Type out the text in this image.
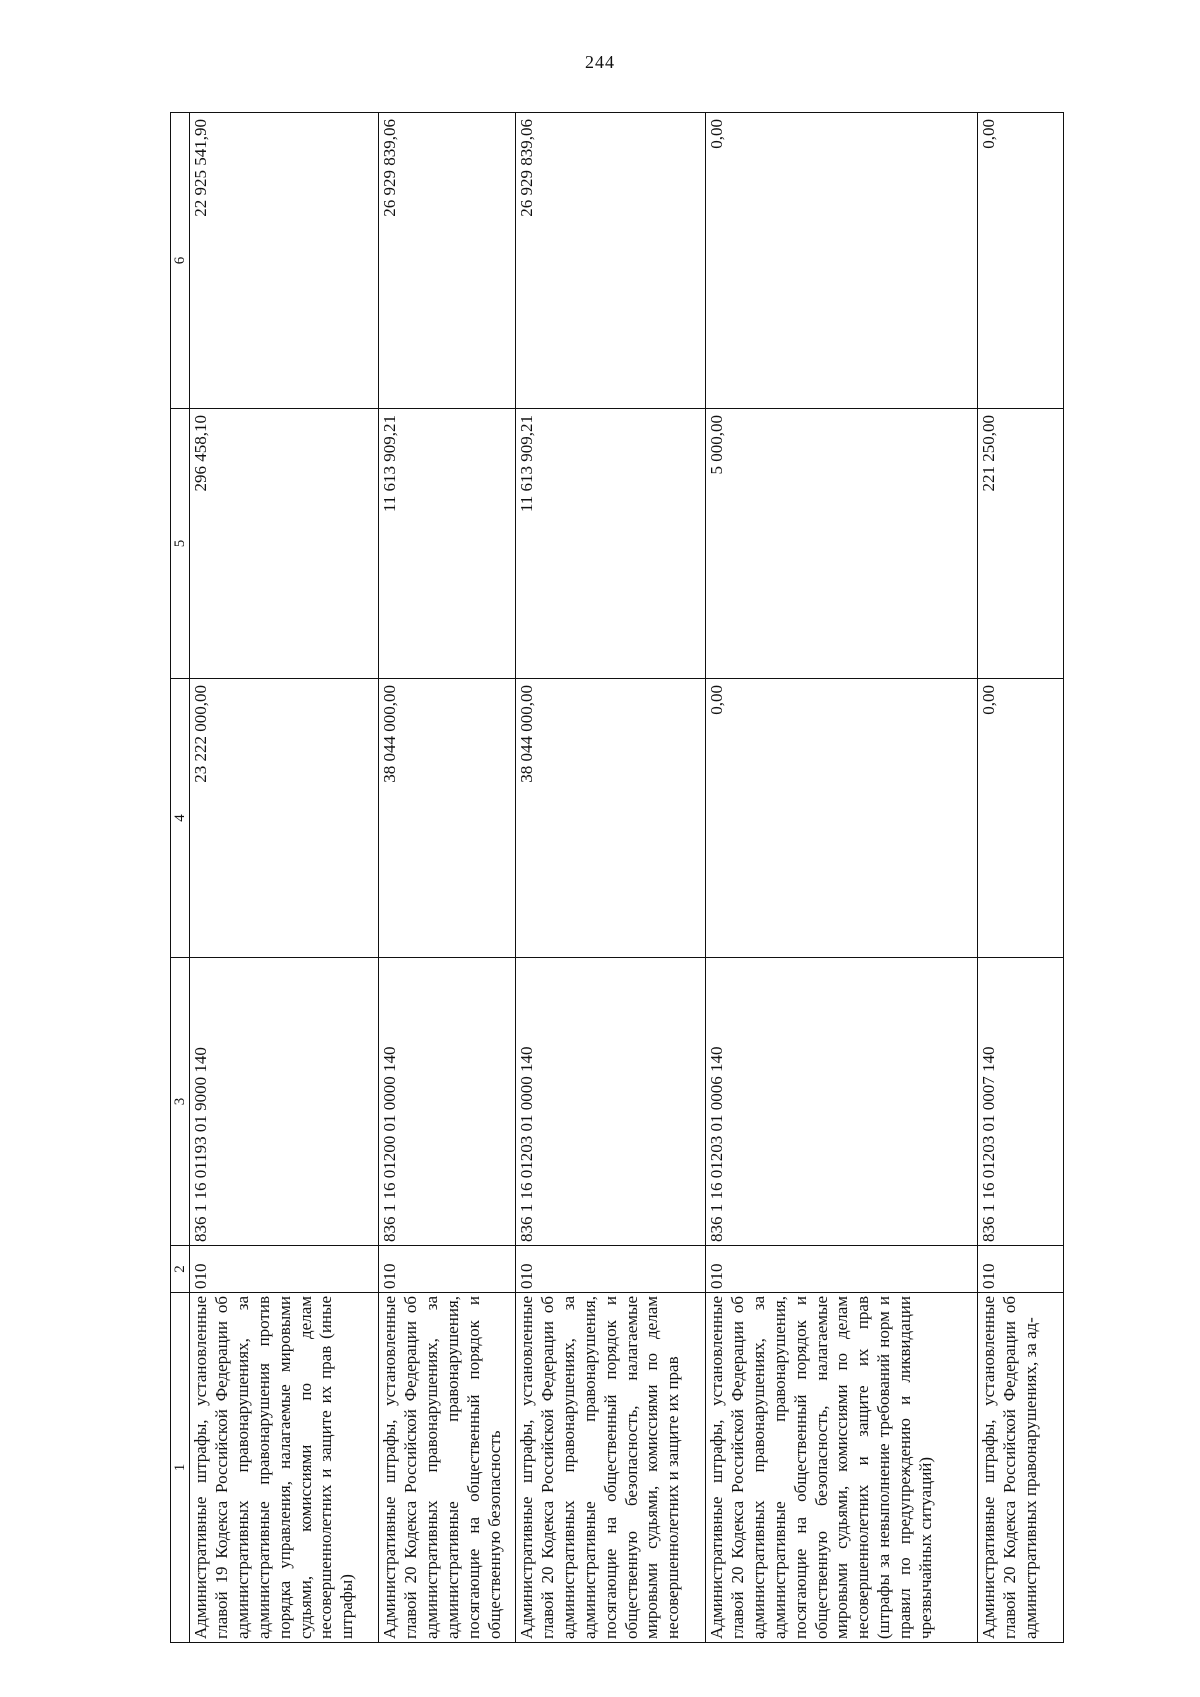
244
1	2	3	4	5	6
Административные штрафы, установленные главой 19 Кодекса Российской Федерации об административных правонарушениях, за административные правонарушения против порядка управления, налагаемые мировыми судьями, комиссиями по делам несовершеннолетних и защите их прав (иные штрафы)	010	836 1 16 01193 01 9000 140	23 222 000,00	296 458,10	22 925 541,90
Административные штрафы, установленные главой 20 Кодекса Российской Федерации об административных правонарушениях, за административные правонарушения, посягающие на общественный порядок и общественную безопасность	010	836 1 16 01200 01 0000 140	38 044 000,00	11 613 909,21	26 929 839,06
Административные штрафы, установленные главой 20 Кодекса Российской Федерации об административных правонарушениях, за административные правонарушения, посягающие на общественный порядок и общественную безопасность, налагаемые мировыми судьями, комиссиями по делам несовершеннолетних и защите их прав	010	836 1 16 01203 01 0000 140	38 044 000,00	11 613 909,21	26 929 839,06
Административные штрафы, установленные главой 20 Кодекса Российской Федерации об административных правонарушениях, за административные правонарушения, посягающие на общественный порядок и общественную безопасность, налагаемые мировыми судьями, комиссиями по делам несовершеннолетних и защите их прав (штрафы за невыполнение требований норм и правил по предупреждению и ликвидации чрезвычайных ситуаций)	010	836 1 16 01203 01 0006 140	0,00	5 000,00	0,00
Административные штрафы, установленные главой 20 Кодекса Российской Федерации об административных правонарушениях, за ад-	010	836 1 16 01203 01 0007 140	0,00	221 250,00	0,00
